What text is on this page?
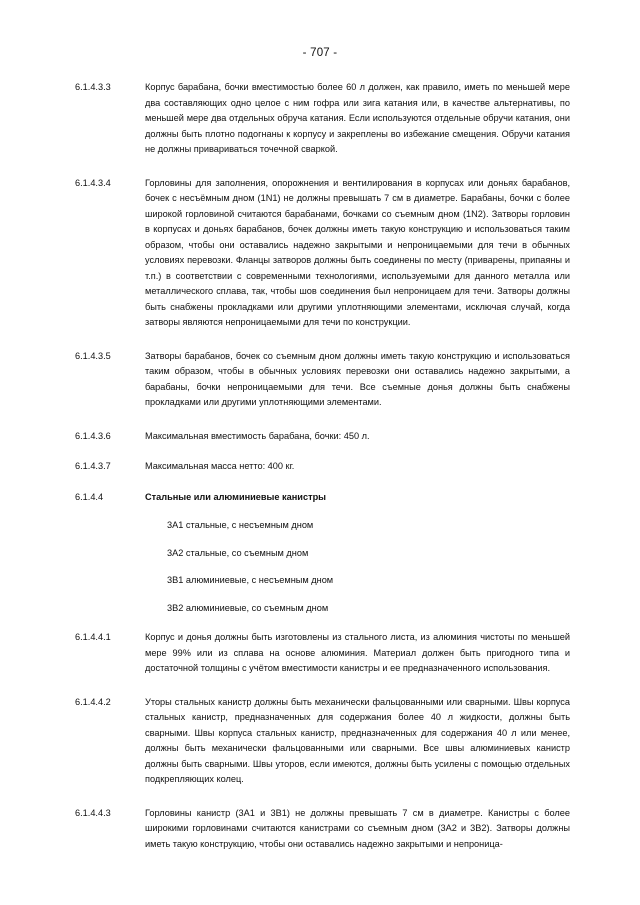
- 707 -
6.1.4.3.3	Корпус барабана, бочки вместимостью более 60 л должен, как правило, иметь по меньшей мере два составляющих одно целое с ним гофра или зига катания или, в качестве альтернативы, по меньшей мере два отдельных обруча катания. Если используются отдельные обручи катания, они должны быть плотно подогнаны к корпусу и закреплены во избежание смещения. Обручи катания не должны привариваться точечной сваркой.
6.1.4.3.4	Горловины для заполнения, опорожнения и вентилирования в корпусах или доньях барабанов, бочек с несъёмным дном (1N1) не должны превышать 7 см в диаметре. Барабаны, бочки с более широкой горловиной считаются барабанами, бочками со съемным дном (1N2). Затворы горловин в корпусах и доньях барабанов, бочек должны иметь такую конструкцию и использоваться таким образом, чтобы они оставались надежно закрытыми и непроницаемыми для течи в обычных условиях перевозки. Фланцы затворов должны быть соединены по месту (приварены, припаяны и т.п.) в соответствии с современными технологиями, используемыми для данного металла или металлического сплава, так, чтобы шов соединения был непроницаем для течи. Затворы должны быть снабжены прокладками или другими уплотняющими элементами, исключая случай, когда затворы являются непроницаемыми для течи по конструкции.
6.1.4.3.5	Затворы барабанов, бочек со съемным дном должны иметь такую конструкцию и использоваться таким образом, чтобы в обычных условиях перевозки они оставались надежно закрытыми, а барабаны, бочки непроницаемыми для течи. Все съемные донья должны быть снабжены прокладками или другими уплотняющими элементами.
6.1.4.3.6	Максимальная вместимость барабана, бочки: 450 л.
6.1.4.3.7	Максимальная масса нетто: 400 кг.
6.1.4.4	Стальные или алюминиевые канистры
3А1 стальные, с несъемным дном
3А2 стальные, со съемным дном
3В1 алюминиевые, с несъемным дном
3В2 алюминиевые, со съемным дном
6.1.4.4.1	Корпус и донья должны быть изготовлены из стального листа, из алюминия чистоты по меньшей мере 99% или из сплава на основе алюминия. Материал должен быть пригодного типа и достаточной толщины с учётом вместимости канистры и ее предназначенного использования.
6.1.4.4.2	Утоpы стальных канистр должны быть механически фальцованными или сварными. Швы корпуса стальных канистр, предназначенных для содержания более 40 л жидкости, должны быть сварными. Швы корпуса стальных канистр, предназначенных для содержания 40 л или менее, должны быть механически фальцованными или сварными. Все швы алюминиевых канистр должны быть сварными. Швы уторов, если имеются, должны быть усилены с помощью отдельных подкрепляющих колец.
6.1.4.4.3	Горловины канистр (3А1 и 3В1) не должны превышать 7 см в диаметре. Канистры с более широкими горловинами считаются канистрами со съемным дном (3А2 и 3В2). Затворы должны иметь такую конструкцию, чтобы они оставались надежно закрытыми и непроница-
